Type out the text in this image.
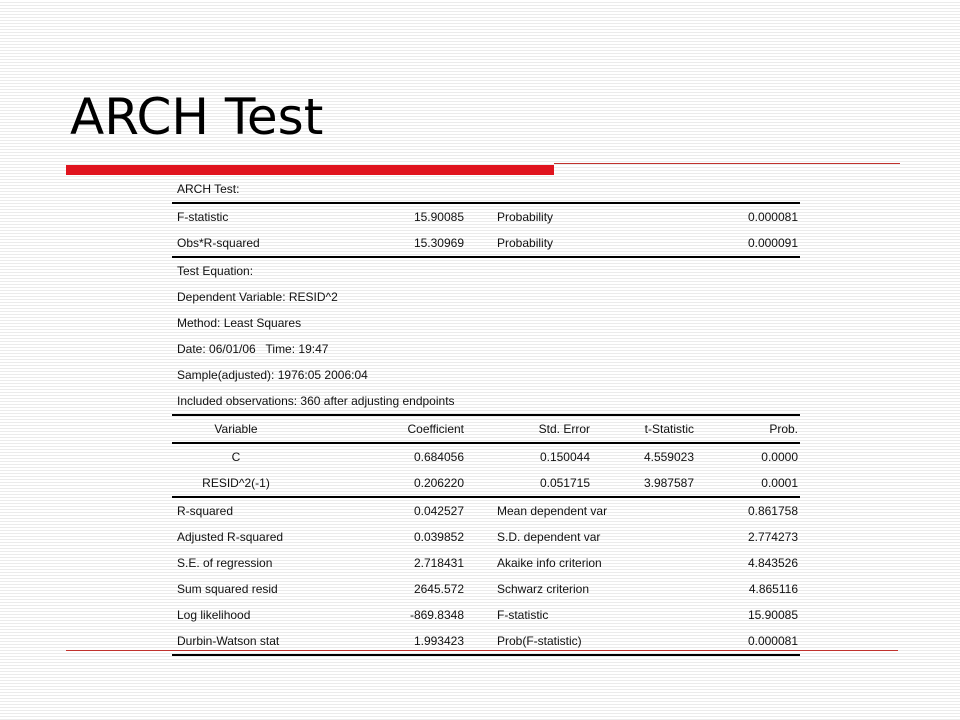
ARCH Test
ARCH Test:
F-statistic	15.90085	Probability	0.000081
Obs*R-squared	15.30969	Probability	0.000091
Test Equation:
Dependent Variable: RESID^2
Method: Least Squares
Date: 06/01/06   Time: 19:47
Sample(adjusted): 1976:05 2006:04
Included observations: 360 after adjusting endpoints
Variable	Coefficient	Std. Error	t-Statistic	Prob.
C	0.684056	0.150044	4.559023	0.0000
RESID^2(-1)	0.206220	0.051715	3.987587	0.0001
R-squared	0.042527	Mean dependent var	0.861758
Adjusted R-squared	0.039852	S.D. dependent var	2.774273
S.E. of regression	2.718431	Akaike info criterion	4.843526
Sum squared resid	2645.572	Schwarz criterion	4.865116
Log likelihood	-869.8348	F-statistic	15.90085
Durbin-Watson stat	1.993423	Prob(F-statistic)	0.000081
